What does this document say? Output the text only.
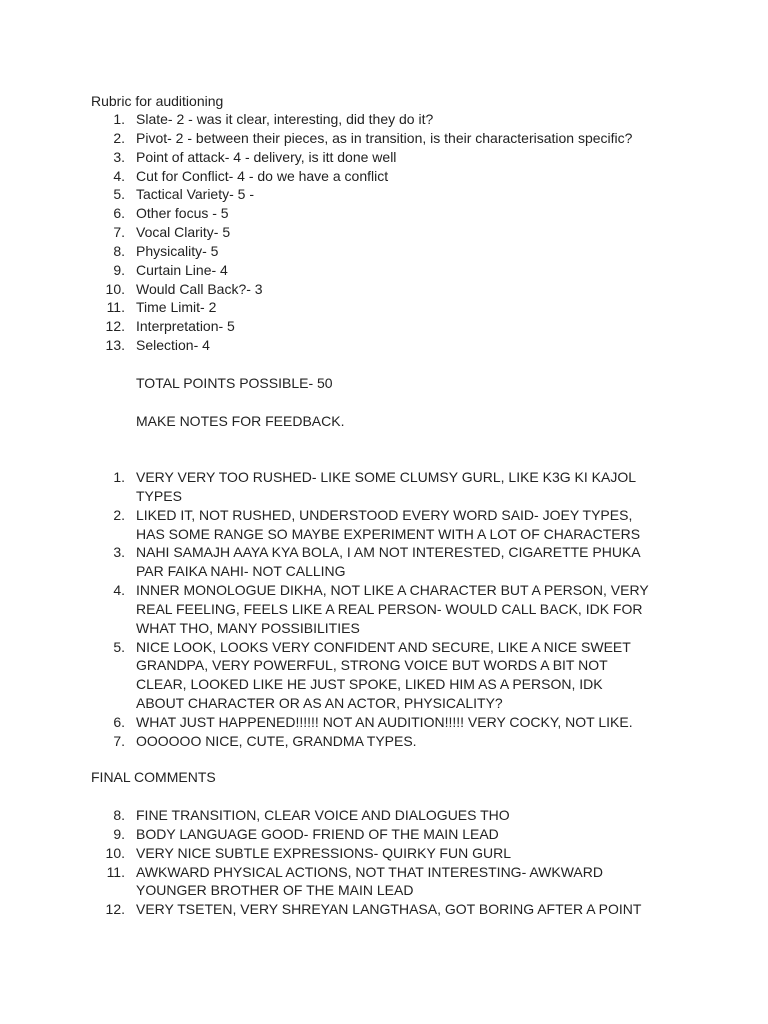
Rubric for auditioning
1. Slate- 2 - was it clear, interesting, did they do it?
2. Pivot- 2 - between their pieces, as in transition, is their characterisation specific?
3. Point of attack- 4 - delivery, is itt done well
4. Cut for Conflict- 4 - do we have a conflict
5. Tactical Variety- 5 -
6. Other focus - 5
7. Vocal Clarity- 5
8. Physicality- 5
9. Curtain Line- 4
10. Would Call Back?- 3
11. Time Limit- 2
12. Interpretation- 5
13. Selection- 4
TOTAL POINTS POSSIBLE- 50
MAKE NOTES FOR FEEDBACK.
1. VERY VERY TOO RUSHED- LIKE SOME CLUMSY GURL, LIKE K3G KI KAJOL TYPES
2. LIKED IT, NOT RUSHED, UNDERSTOOD EVERY WORD SAID- JOEY TYPES, HAS SOME RANGE SO MAYBE EXPERIMENT WITH A LOT OF CHARACTERS
3. NAHI SAMAJH AAYA KYA BOLA, I AM NOT INTERESTED, CIGARETTE PHUKA PAR FAIKA NAHI- NOT CALLING
4. INNER MONOLOGUE DIKHA, NOT LIKE A CHARACTER BUT A PERSON, VERY REAL FEELING, FEELS LIKE A REAL PERSON- WOULD CALL BACK, IDK FOR WHAT THO, MANY POSSIBILITIES
5. NICE LOOK, LOOKS VERY CONFIDENT AND SECURE, LIKE A NICE SWEET GRANDPA, VERY POWERFUL, STRONG VOICE BUT WORDS A BIT NOT CLEAR, LOOKED LIKE HE JUST SPOKE, LIKED HIM AS A PERSON, IDK ABOUT CHARACTER OR AS AN ACTOR, PHYSICALITY?
6. WHAT JUST HAPPENED!!!!!! NOT AN AUDITION!!!!! VERY COCKY, NOT LIKE.
7. OOOOOO NICE, CUTE, GRANDMA TYPES.
FINAL COMMENTS
8. FINE TRANSITION, CLEAR VOICE AND DIALOGUES THO
9. BODY LANGUAGE GOOD- FRIEND OF THE MAIN LEAD
10. VERY NICE SUBTLE EXPRESSIONS- QUIRKY FUN GURL
11. AWKWARD PHYSICAL ACTIONS, NOT THAT INTERESTING- AWKWARD YOUNGER BROTHER OF THE MAIN LEAD
12. VERY TSETEN, VERY SHREYAN LANGTHASA, GOT BORING AFTER A POINT
